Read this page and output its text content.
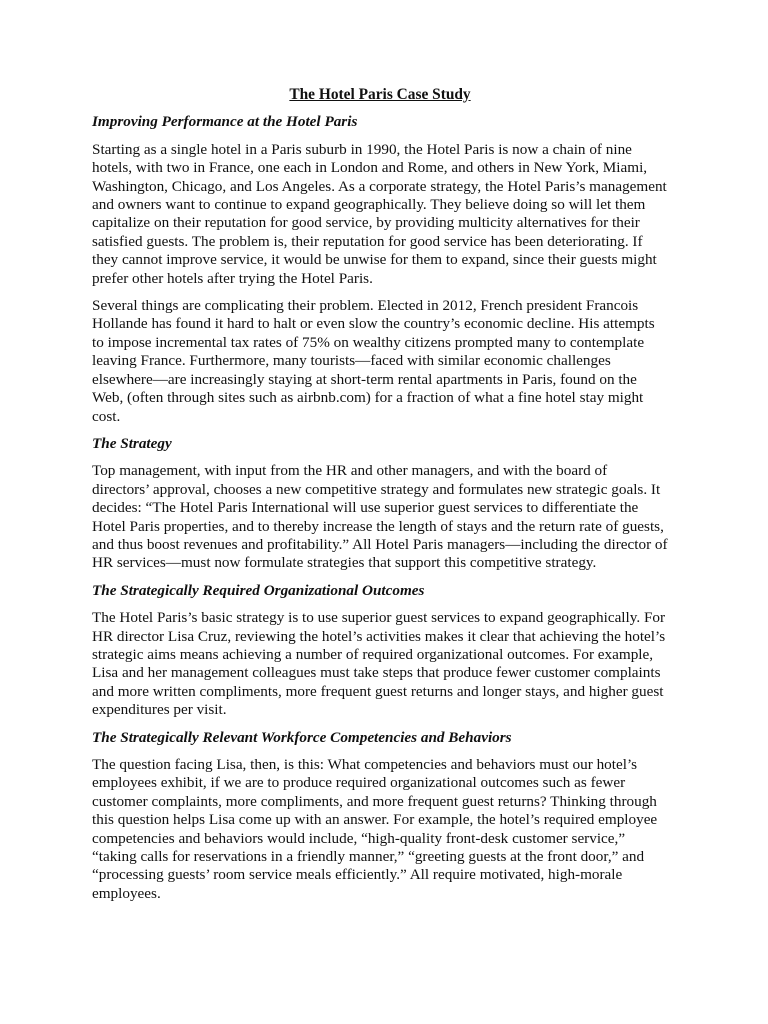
The Hotel Paris Case Study
Improving Performance at the Hotel Paris

Starting as a single hotel in a Paris suburb in 1990, the Hotel Paris is now a chain of nine hotels, with two in France, one each in London and Rome, and others in New York, Miami, Washington, Chicago, and Los Angeles. As a corporate strategy, the Hotel Paris’s management and owners want to continue to expand geographically. They believe doing so will let them capitalize on their reputation for good service, by providing multicity alternatives for their satisfied guests. The problem is, their reputation for good service has been deteriorating. If they cannot improve service, it would be unwise for them to expand, since their guests might prefer other hotels after trying the Hotel Paris.

Several things are complicating their problem. Elected in 2012, French president Francois Hollande has found it hard to halt or even slow the country’s economic decline. His attempts to impose incremental tax rates of 75% on wealthy citizens prompted many to contemplate leaving France. Furthermore, many tourists—faced with similar economic challenges elsewhere—are increasingly staying at short-term rental apartments in Paris, found on the Web, (often through sites such as airbnb.com) for a fraction of what a fine hotel stay might cost.

The Strategy

Top management, with input from the HR and other managers, and with the board of directors’ approval, chooses a new competitive strategy and formulates new strategic goals. It decides: “The Hotel Paris International will use superior guest services to differentiate the Hotel Paris properties, and to thereby increase the length of stays and the return rate of guests, and thus boost revenues and profitability.” All Hotel Paris managers—including the director of HR services—must now formulate strategies that support this competitive strategy.

The Strategically Required Organizational Outcomes

The Hotel Paris’s basic strategy is to use superior guest services to expand geographically. For HR director Lisa Cruz, reviewing the hotel’s activities makes it clear that achieving the hotel’s strategic aims means achieving a number of required organizational outcomes. For example, Lisa and her management colleagues must take steps that produce fewer customer complaints and more written compliments, more frequent guest returns and longer stays, and higher guest expenditures per visit.

The Strategically Relevant Workforce Competencies and Behaviors

The question facing Lisa, then, is this: What competencies and behaviors must our hotel’s employees exhibit, if we are to produce required organizational outcomes such as fewer customer complaints, more compliments, and more frequent guest returns? Thinking through this question helps Lisa come up with an answer. For example, the hotel’s required employee competencies and behaviors would include, “high-quality front-desk customer service,” “taking calls for reservations in a friendly manner,” “greeting guests at the front door,” and “processing guests’ room service meals efficiently.” All require motivated, high-morale employees.
